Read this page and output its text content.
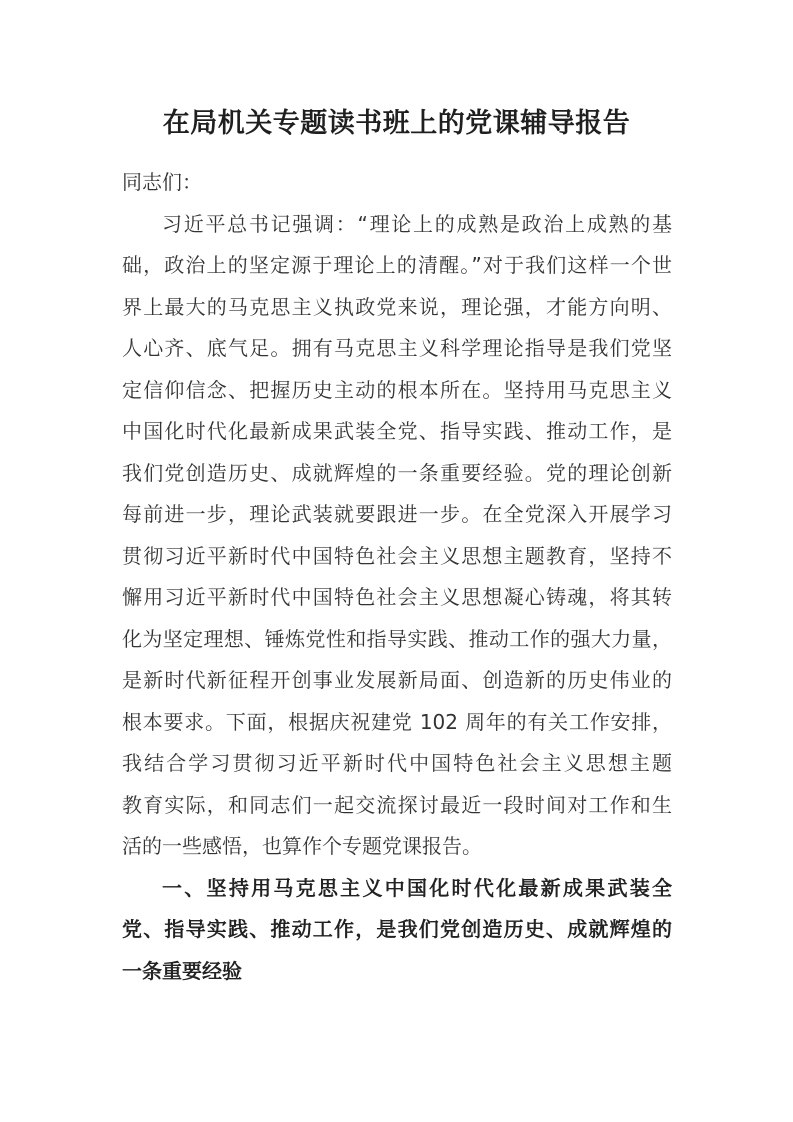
在局机关专题读书班上的党课辅导报告
同志们：
习近平总书记强调：“理论上的成熟是政治上成熟的基
础，政治上的坚定源于理论上的清醒。”对于我们这样一个世
界上最大的马克思主义执政党来说，理论强，才能方向明、
人心齐、底气足。拥有马克思主义科学理论指导是我们党坚
定信仰信念、把握历史主动的根本所在。坚持用马克思主义
中国化时代化最新成果武装全党、指导实践、推动工作，是
我们党创造历史、成就辉煌的一条重要经验。党的理论创新
每前进一步，理论武装就要跟进一步。在全党深入开展学习
贯彻习近平新时代中国特色社会主义思想主题教育，坚持不
懈用习近平新时代中国特色社会主义思想凝心铸魂，将其转
化为坚定理想、锤炼党性和指导实践、推动工作的强大力量，
是新时代新征程开创事业发展新局面、创造新的历史伟业的
根本要求。下面，根据庆祝建党 102 周年的有关工作安排，
我结合学习贯彻习近平新时代中国特色社会主义思想主题
教育实际，和同志们一起交流探讨最近一段时间对工作和生
活的一些感悟，也算作个专题党课报告。
一、坚持用马克思主义中国化时代化最新成果武装全
党、指导实践、推动工作，是我们党创造历史、成就辉煌的
一条重要经验
